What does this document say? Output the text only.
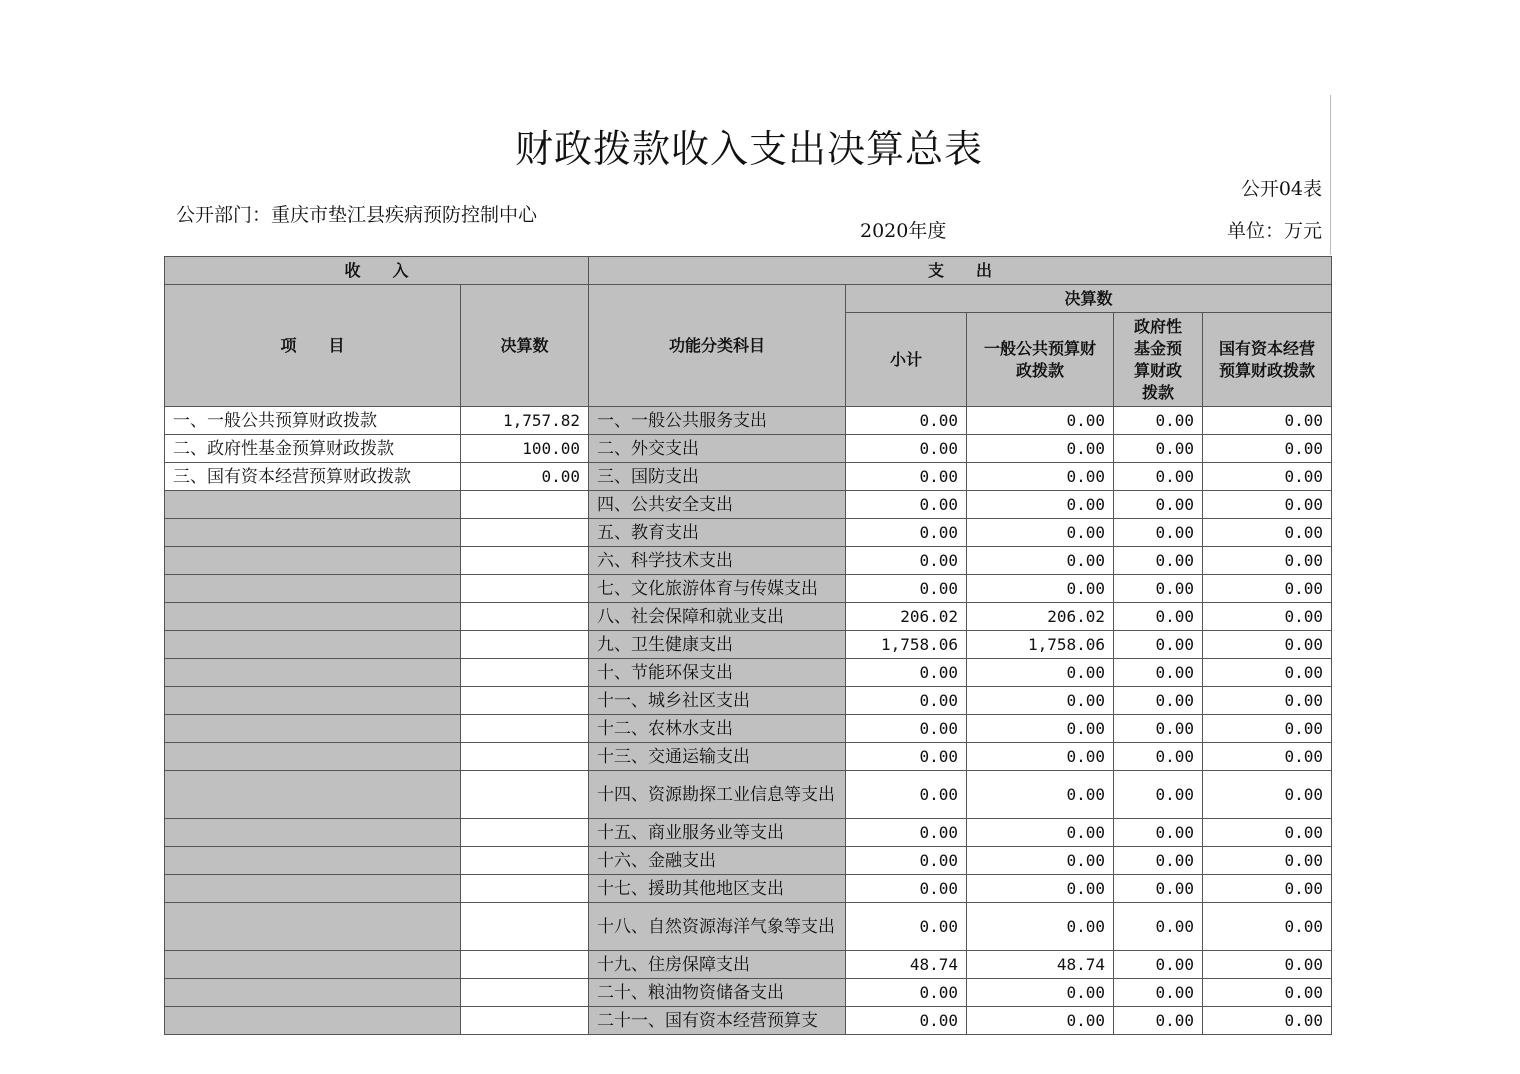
财政拨款收入支出决算总表
公开04表
公开部门：重庆市垫江县疾病预防控制中心
2020年度	单位：万元
收　　入		支　　出				
项　　目	决算数	功能分类科目	决算数			
			小计	一般公共预算财政拨款	政府性基金预算财政拨款	国有资本经营预算财政拨款
一、一般公共预算财政拨款	1,757.82	一、一般公共服务支出	0.00	0.00	0.00	0.00
二、政府性基金预算财政拨款	100.00	二、外交支出	0.00	0.00	0.00	0.00
三、国有资本经营预算财政拨款	0.00	三、国防支出	0.00	0.00	0.00	0.00
		四、公共安全支出	0.00	0.00	0.00	0.00
		五、教育支出	0.00	0.00	0.00	0.00
		六、科学技术支出	0.00	0.00	0.00	0.00
		七、文化旅游体育与传媒支出	0.00	0.00	0.00	0.00
		八、社会保障和就业支出	206.02	206.02	0.00	0.00
		九、卫生健康支出	1,758.06	1,758.06	0.00	0.00
		十、节能环保支出	0.00	0.00	0.00	0.00
		十一、城乡社区支出	0.00	0.00	0.00	0.00
		十二、农林水支出	0.00	0.00	0.00	0.00
		十三、交通运输支出	0.00	0.00	0.00	0.00
		十四、资源勘探工业信息等支出	0.00	0.00	0.00	0.00
		十五、商业服务业等支出	0.00	0.00	0.00	0.00
		十六、金融支出	0.00	0.00	0.00	0.00
		十七、援助其他地区支出	0.00	0.00	0.00	0.00
		十八、自然资源海洋气象等支出	0.00	0.00	0.00	0.00
		十九、住房保障支出	48.74	48.74	0.00	0.00
		二十、粮油物资储备支出	0.00	0.00	0.00	0.00
		二十一、国有资本经营预算支	0.00	0.00	0.00	0.00
